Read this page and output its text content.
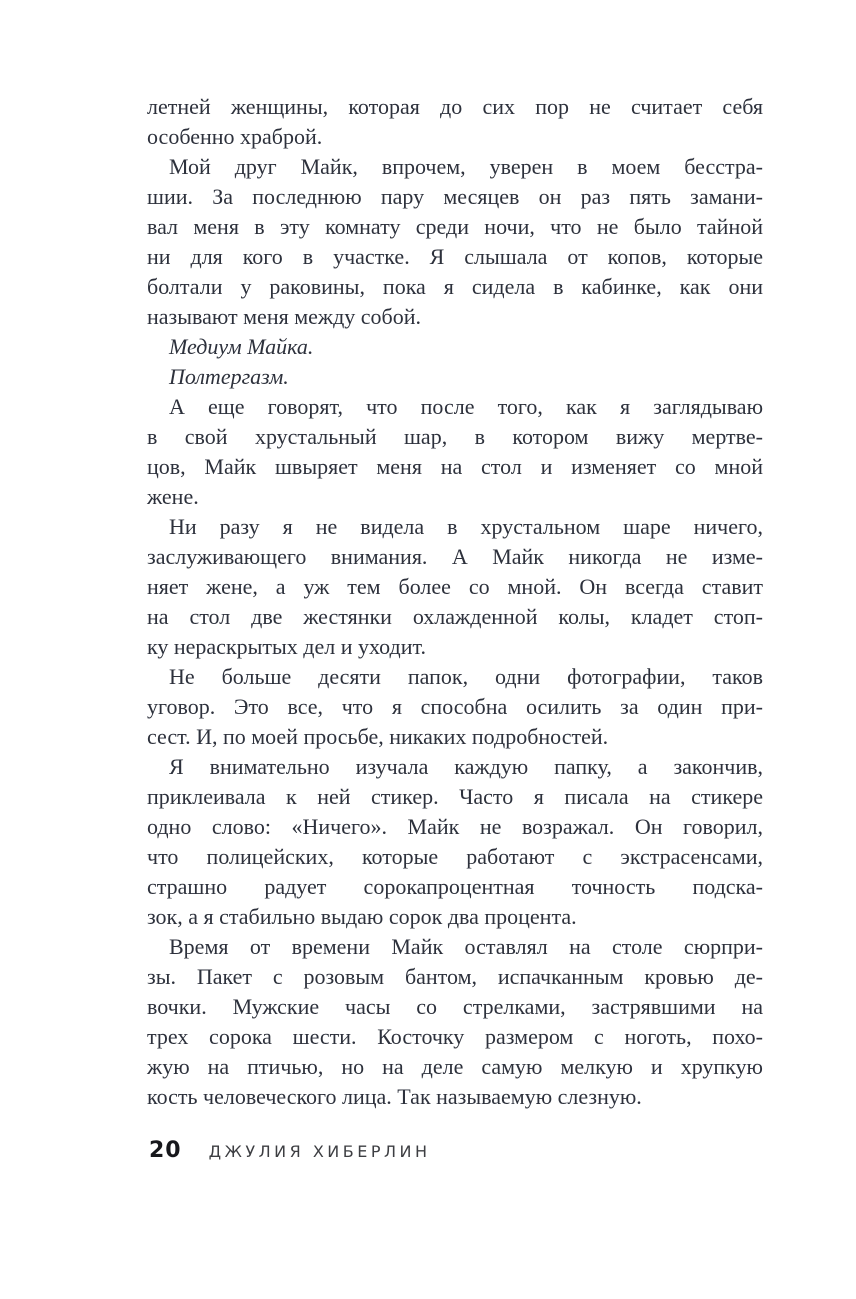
летней женщины, которая до сих пор не считает себя
особенно храброй.
Мой друг Майк, впрочем, уверен в моем бесстра-
шии. За последнюю пару месяцев он раз пять замани-
вал меня в эту комнату среди ночи, что не было тайной
ни для кого в участке. Я слышала от копов, которые
болтали у раковины, пока я сидела в кабинке, как они
называют меня между собой.
Медиум Майка.
Полтергазм.
А еще говорят, что после того, как я заглядываю
в свой хрустальный шар, в котором вижу мертве-
цов, Майк швыряет меня на стол и изменяет со мной
жене.
Ни разу я не видела в хрустальном шаре ничего,
заслуживающего внимания. А Майк никогда не изме-
няет жене, а уж тем более со мной. Он всегда ставит
на стол две жестянки охлажденной колы, кладет стоп-
ку нераскрытых дел и уходит.
Не больше десяти папок, одни фотографии, таков
уговор. Это все, что я способна осилить за один при-
сест. И, по моей просьбе, никаких подробностей.
Я внимательно изучала каждую папку, а закончив,
приклеивала к ней стикер. Часто я писала на стикере
одно слово: «Ничего». Майк не возражал. Он говорил,
что полицейских, которые работают с экстрасенсами,
страшно радует сорокапроцентная точность подска-
зок, а я стабильно выдаю сорок два процента.
Время от времени Майк оставлял на столе сюрпри-
зы. Пакет с розовым бантом, испачканным кровью де-
вочки. Мужские часы со стрелками, застрявшими на
трех сорока шести. Косточку размером с ноготь, похо-
жую на птичью, но на деле самую мелкую и хрупкую
кость человеческого лица. Так называемую слезную.
20 ДЖУЛИЯ ХИБЕРЛИН
